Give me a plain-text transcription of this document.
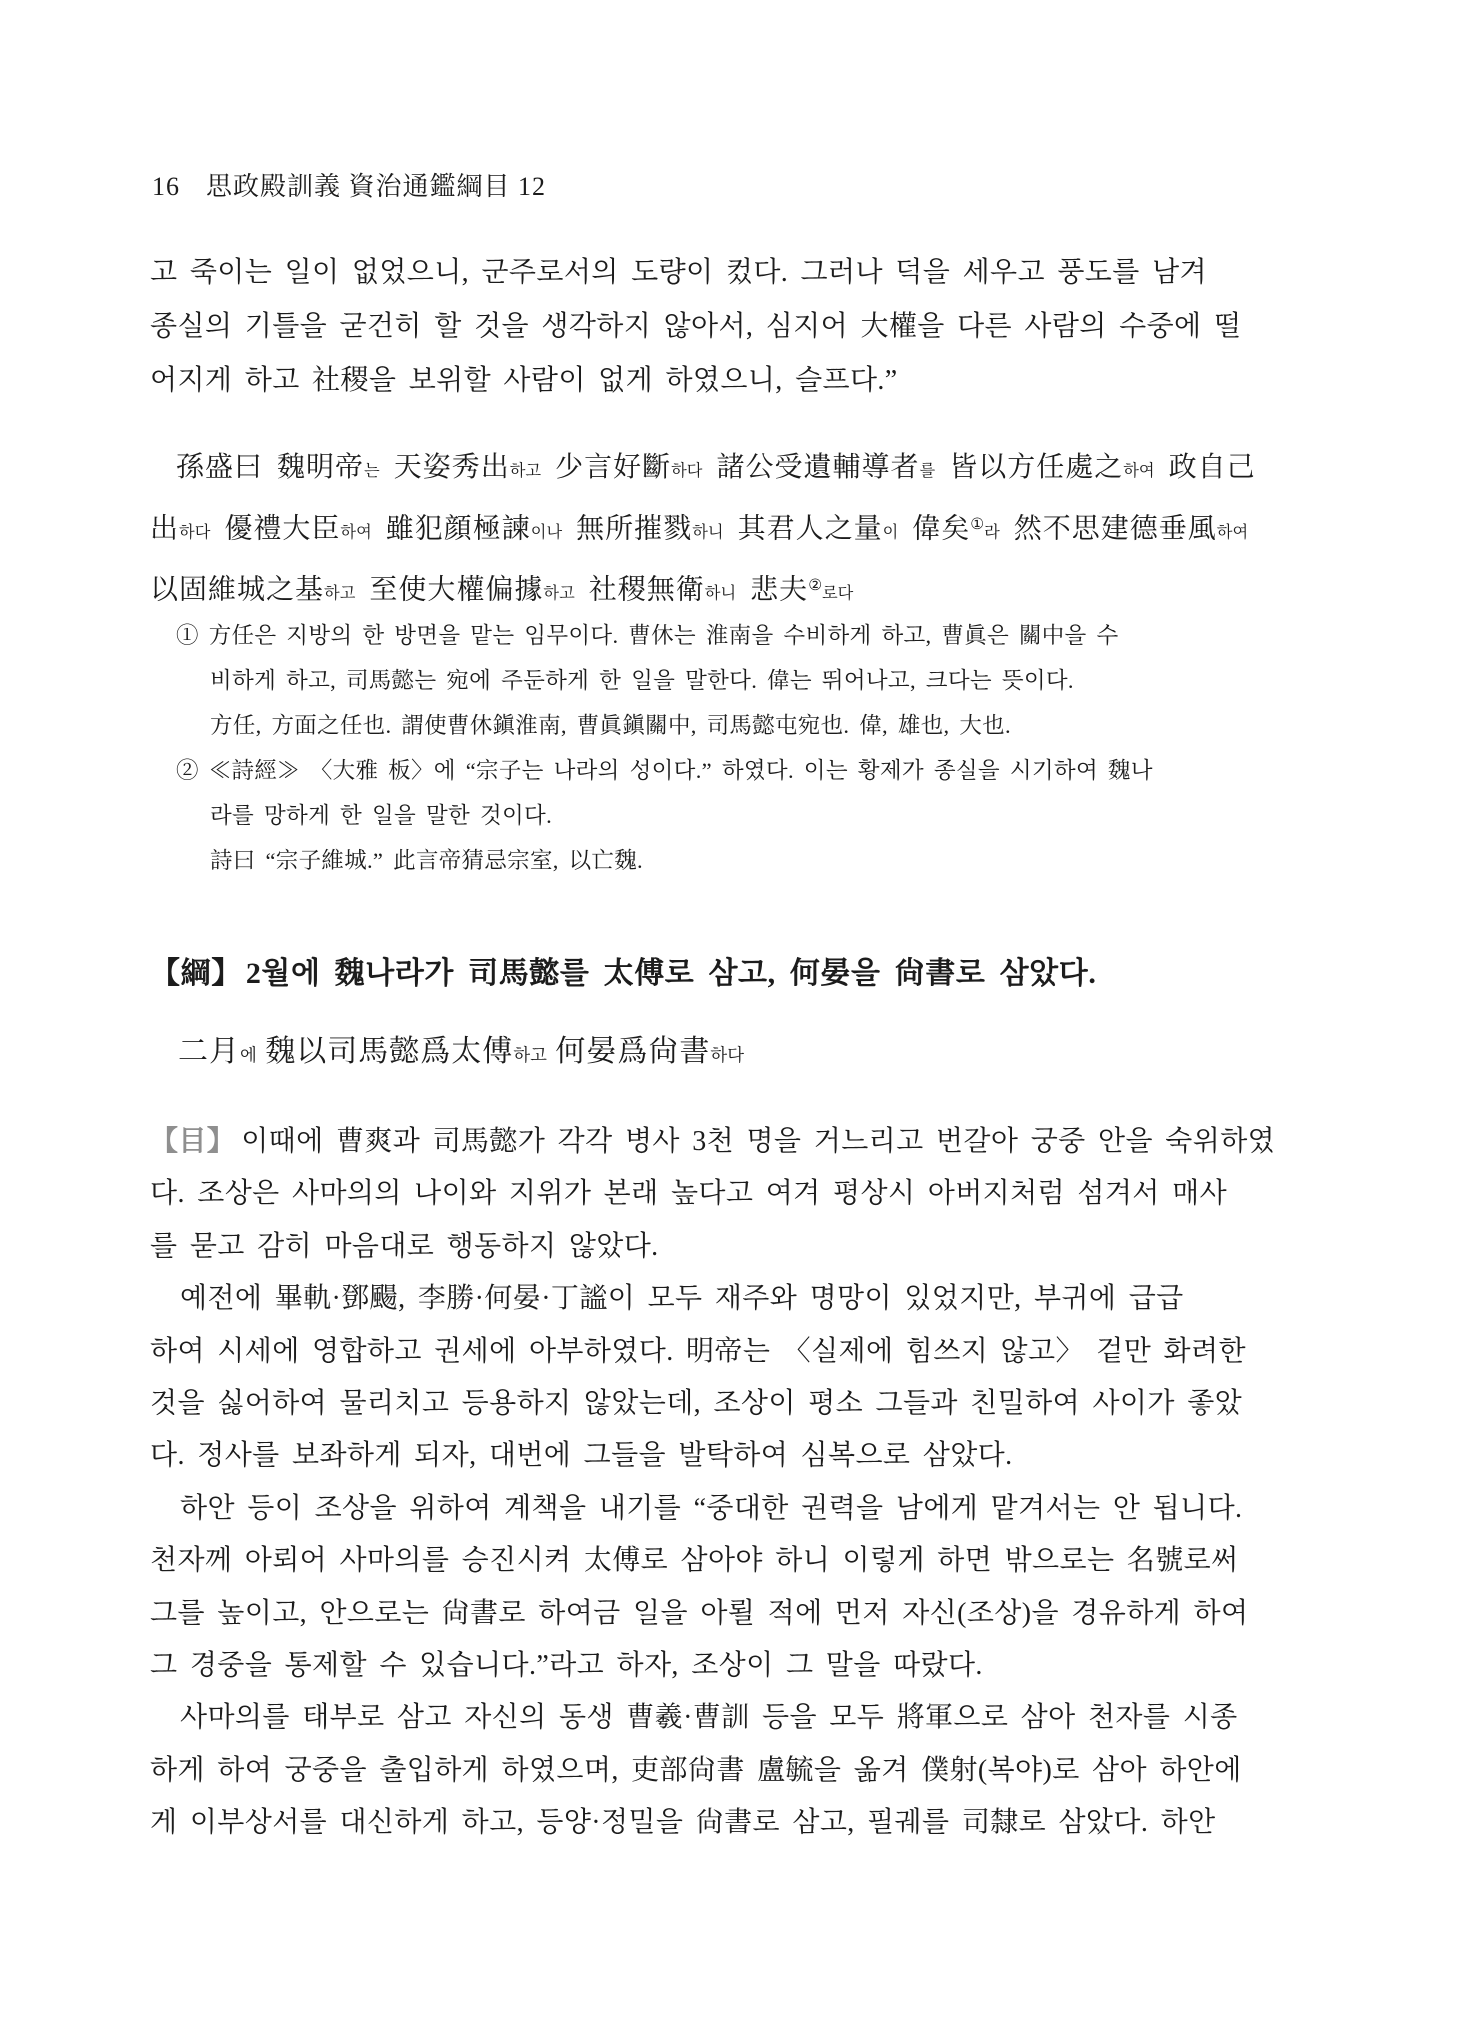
16 思政殿訓義 資治通鑑綱目 12
고 죽이는 일이 없었으니, 군주로서의 도량이 컸다. 그러나 덕을 세우고 풍도를 남겨
종실의 기틀을 굳건히 할 것을 생각하지 않아서, 심지어 大權을 다른 사람의 수중에 떨
어지게 하고 社稷을 보위할 사람이 없게 하였으니, 슬프다.”
孫盛曰 魏明帝는 天姿秀出하고 少言好斷하다 諸公受遺輔導者를 皆以方任處之하여 政自己
出하다 優禮大臣하여 雖犯顔極諫이나 無所摧戮하니 其君人之量이 偉矣①라 然不思建德垂風하여
以固維城之基하고 至使大權偏據하고 社稷無衛하니 悲夫②로다
① 方任은 지방의 한 방면을 맡는 임무이다. 曹休는 淮南을 수비하게 하고, 曹眞은 關中을 수
비하게 하고, 司馬懿는 宛에 주둔하게 한 일을 말한다. 偉는 뛰어나고, 크다는 뜻이다.
方任, 方面之任也. 謂使曹休鎭淮南, 曹眞鎭關中, 司馬懿屯宛也. 偉, 雄也, 大也.
② ≪詩經≫ 〈大雅 板〉에 “宗子는 나라의 성이다.” 하였다. 이는 황제가 종실을 시기하여 魏나
라를 망하게 한 일을 말한 것이다.
詩曰 “宗子維城.” 此言帝猜忌宗室, 以亡魏.
【綱】 2월에 魏나라가 司馬懿를 太傅로 삼고, 何晏을 尙書로 삼았다.
二月에 魏以司馬懿爲太傅하고 何晏爲尙書하다
【目】 이때에 曹爽과 司馬懿가 각각 병사 3천 명을 거느리고 번갈아 궁중 안을 숙위하였
다. 조상은 사마의의 나이와 지위가 본래 높다고 여겨 평상시 아버지처럼 섬겨서 매사
를 묻고 감히 마음대로 행동하지 않았다.
예전에 畢軌·鄧颺, 李勝·何晏·丁謐이 모두 재주와 명망이 있었지만, 부귀에 급급
하여 시세에 영합하고 권세에 아부하였다. 明帝는 〈실제에 힘쓰지 않고〉 겉만 화려한
것을 싫어하여 물리치고 등용하지 않았는데, 조상이 평소 그들과 친밀하여 사이가 좋았
다. 정사를 보좌하게 되자, 대번에 그들을 발탁하여 심복으로 삼았다.
하안 등이 조상을 위하여 계책을 내기를 “중대한 권력을 남에게 맡겨서는 안 됩니다.
천자께 아뢰어 사마의를 승진시켜 太傅로 삼아야 하니 이렇게 하면 밖으로는 名號로써
그를 높이고, 안으로는 尙書로 하여금 일을 아뢸 적에 먼저 자신(조상)을 경유하게 하여
그 경중을 통제할 수 있습니다.”라고 하자, 조상이 그 말을 따랐다.
사마의를 태부로 삼고 자신의 동생 曹羲·曹訓 등을 모두 將軍으로 삼아 천자를 시종
하게 하여 궁중을 출입하게 하였으며, 吏部尙書 盧毓을 옮겨 僕射(복야)로 삼아 하안에
게 이부상서를 대신하게 하고, 등양·정밀을 尙書로 삼고, 필궤를 司隸로 삼았다. 하안
